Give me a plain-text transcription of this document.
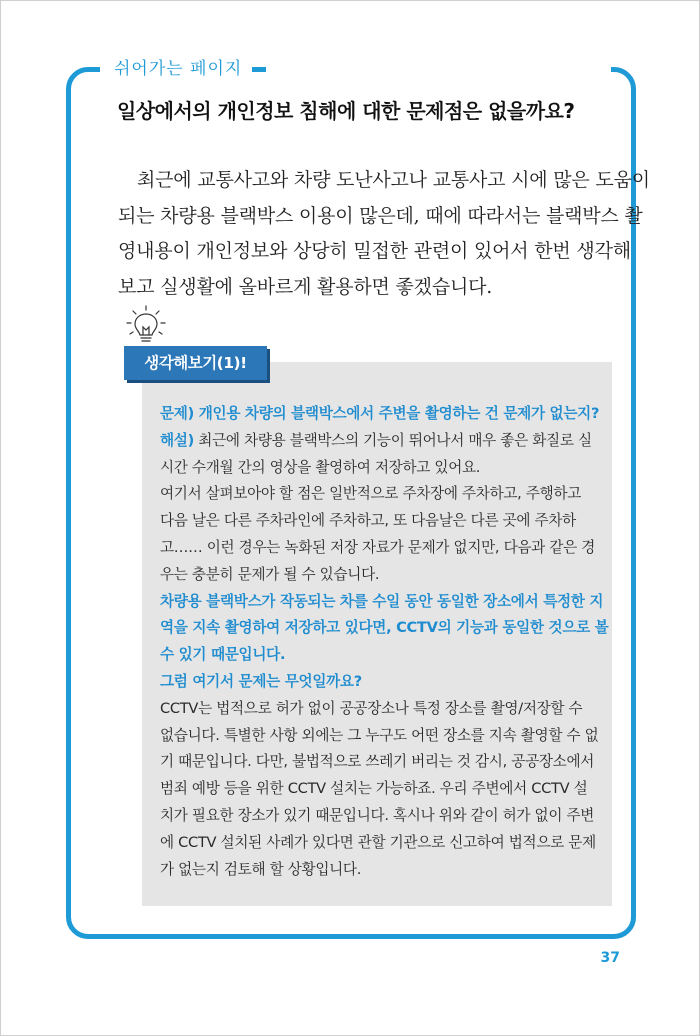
쉬어가는 페이지
일상에서의 개인정보 침해에 대한 문제점은 없을까요?
최근에 교통사고와 차량 도난사고나 교통사고 시에 많은 도움이
되는 차량용 블랙박스 이용이 많은데, 때에 따라서는 블랙박스 촬
영내용이 개인정보와 상당히 밀접한 관련이 있어서 한번 생각해
보고 실생활에 올바르게 활용하면 좋겠습니다.
생각해보기(1)!
문제) 개인용 차량의 블랙박스에서 주변을 촬영하는 건 문제가 없는지?
해설) 최근에 차량용 블랙박스의 기능이 뛰어나서 매우 좋은 화질로 실
시간 수개월 간의 영상을 촬영하여 저장하고 있어요.
여기서 살펴보아야 할 점은 일반적으로 주차장에 주차하고, 주행하고
다음 날은 다른 주차라인에 주차하고, 또 다음날은 다른 곳에 주차하
고…… 이런 경우는 녹화된 저장 자료가 문제가 없지만, 다음과 같은 경
우는 충분히 문제가 될 수 있습니다.
차량용 블랙박스가 작동되는 차를 수일 동안 동일한 장소에서 특정한 지
역을 지속 촬영하여 저장하고 있다면, CCTV의 기능과 동일한 것으로 볼
수 있기 때문입니다.
그럼 여기서 문제는 무엇일까요?
CCTV는 법적으로 허가 없이 공공장소나 특정 장소를 촬영/저장할 수
없습니다. 특별한 사항 외에는 그 누구도 어떤 장소를 지속 촬영할 수 없
기 때문입니다. 다만, 불법적으로 쓰레기 버리는 것 감시, 공공장소에서
범죄 예방 등을 위한 CCTV 설치는 가능하죠. 우리 주변에서 CCTV 설
치가 필요한 장소가 있기 때문입니다. 혹시나 위와 같이 허가 없이 주변
에 CCTV 설치된 사례가 있다면 관할 기관으로 신고하여 법적으로 문제
가 없는지 검토해 할 상황입니다.
37
